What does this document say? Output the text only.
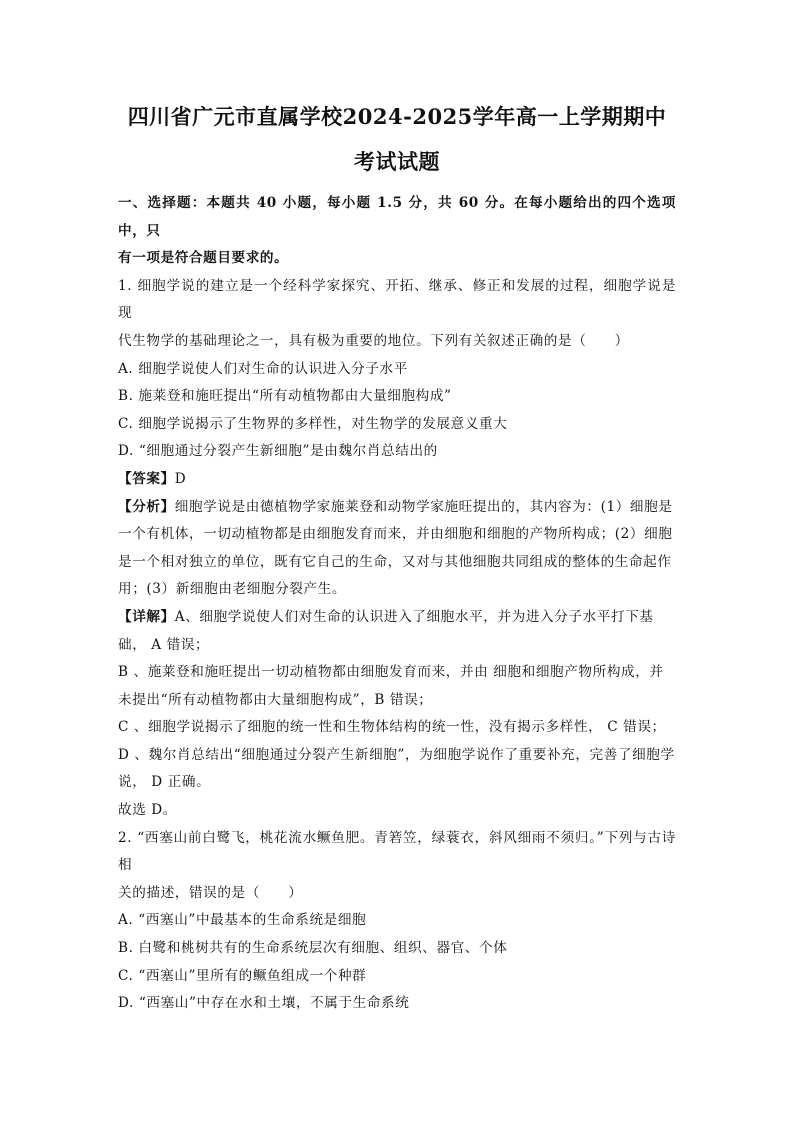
四川省广元市直属学校2024-2025学年高一上学期期中
考试试题
一、选择题：本题共 40 小题，每小题 1.5 分，共 60 分。在每小题给出的四个选项中，只
有一项是符合题目要求的。

1. 细胞学说的建立是一个经科学家探究、开拓、继承、修正和发展的过程，细胞学说是现

代生物学的基础理论之一，具有极为重要的地位。下列有关叙述正确的是（　　）

A. 细胞学说使人们对生命的认识进入分子水平

B. 施莱登和施旺提出“所有动植物都由大量细胞构成”

C. 细胞学说揭示了生物界的多样性，对生物学的发展意义重大

D. “细胞通过分裂产生新细胞”是由魏尔肖总结出的

【答案】D

【分析】细胞学说是由德植物学家施莱登和动物学家施旺提出的，其内容为：(1）细胞是

一个有机体，一切动植物都是由细胞发育而来，并由细胞和细胞的产物所构成；(2）细胞

是一个相对独立的单位，既有它自己的生命，又对与其他细胞共同组成的整体的生命起作

用；(3）新细胞由老细胞分裂产生。

【详解】A、细胞学说使人们对生命的认识进入了细胞水平，并为进入分子水平打下基

础， A 错误；

B 、施莱登和施旺提出一切动植物都由细胞发育而来，并由 细胞和细胞产物所构成，并

未提出“所有动植物都由大量细胞构成”，B 错误；

C 、细胞学说揭示了细胞的统一性和生物体结构的统一性，没有揭示多样性， C 错误；

D 、魏尔肖总结出“细胞通过分裂产生新细胞”，为细胞学说作了重要补充，完善了细胞学

说， D 正确。

故选 D。

2. “西塞山前白鹭飞，桃花流水鳜鱼肥。青箬笠，绿蓑衣，斜风细雨不须归。”下列与古诗相

关的描述，错误的是（　　）

A. “西塞山”中最基本的生命系统是细胞

B. 白鹭和桃树共有的生命系统层次有细胞、组织、器官、个体

C. “西塞山”里所有的鳜鱼组成一个种群

D. “西塞山”中存在水和土壤，不属于生命系统
